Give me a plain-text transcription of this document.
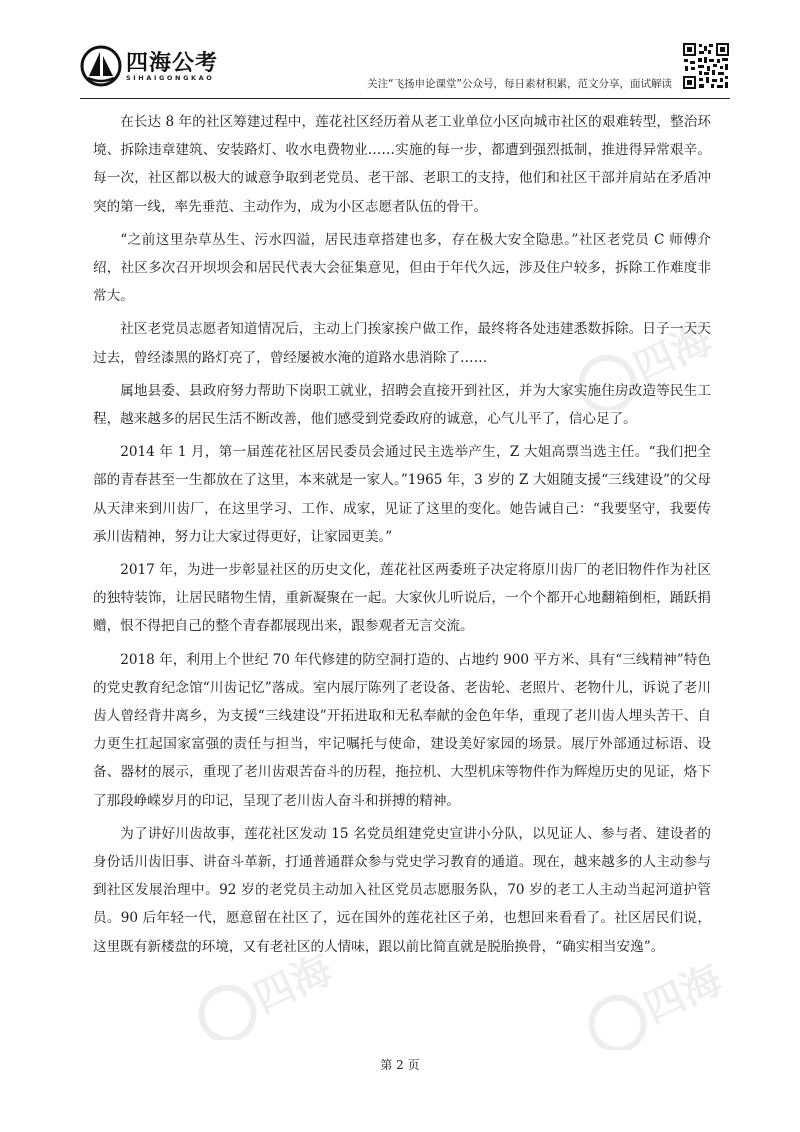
四海
四海	四海
四海公考
SIHAIGONGKAO	关注“飞扬申论课堂”公众号，每日素材积累，范文分享，面试解读

在长达 8 年的社区筹建过程中，莲花社区经历着从老工业单位小区向城市社区的艰难转型，整治环境、拆除违章建筑、安装路灯、收水电费物业……实施的每一步，都遭到强烈抵制，推进得异常艰辛。每一次，社区都以极大的诚意争取到老党员、老干部、老职工的支持，他们和社区干部并肩站在矛盾冲突的第一线，率先垂范、主动作为，成为小区志愿者队伍的骨干。

“之前这里杂草丛生、污水四溢，居民违章搭建也多，存在极大安全隐患。”社区老党员 C 师傅介绍，社区多次召开坝坝会和居民代表大会征集意见，但由于年代久远，涉及住户较多，拆除工作难度非常大。

社区老党员志愿者知道情况后，主动上门挨家挨户做工作，最终将各处违建悉数拆除。日子一天天过去，曾经漆黑的路灯亮了，曾经屡被水淹的道路水患消除了……

属地县委、县政府努力帮助下岗职工就业，招聘会直接开到社区，并为大家实施住房改造等民生工程，越来越多的居民生活不断改善，他们感受到党委政府的诚意，心气儿平了，信心足了。

2014 年 1 月，第一届莲花社区居民委员会通过民主选举产生，Z 大姐高票当选主任。“我们把全部的青春甚至一生都放在了这里，本来就是一家人。”1965 年，3 岁的 Z 大姐随支援“三线建设”的父母从天津来到川齿厂，在这里学习、工作、成家，见证了这里的变化。她告诫自己：“我要坚守，我要传承川齿精神，努力让大家过得更好，让家园更美。”

2017 年，为进一步彰显社区的历史文化，莲花社区两委班子决定将原川齿厂的老旧物件作为社区的独特装饰，让居民睹物生情，重新凝聚在一起。大家伙儿听说后，一个个都开心地翻箱倒柜，踊跃捐赠，恨不得把自己的整个青春都展现出来，跟参观者无言交流。

2018 年，利用上个世纪 70 年代修建的防空洞打造的、占地约 900 平方米、具有“三线精神”特色的党史教育纪念馆“川齿记忆”落成。室内展厅陈列了老设备、老齿轮、老照片、老物什儿，诉说了老川齿人曾经背井离乡，为支援“三线建设”开拓进取和无私奉献的金色年华，重现了老川齿人埋头苦干、自力更生扛起国家富强的责任与担当，牢记嘱托与使命，建设美好家园的场景。展厅外部通过标语、设备、器材的展示，重现了老川齿艰苦奋斗的历程，拖拉机、大型机床等物件作为辉煌历史的见证，烙下了那段峥嵘岁月的印记，呈现了老川齿人奋斗和拼搏的精神。

为了讲好川齿故事，莲花社区发动 15 名党员组建党史宣讲小分队，以见证人、参与者、建设者的身份话川齿旧事、讲奋斗革新，打通普通群众参与党史学习教育的通道。现在，越来越多的人主动参与到社区发展治理中。92 岁的老党员主动加入社区党员志愿服务队，70 岁的老工人主动当起河道护管员。90 后年轻一代，愿意留在社区了，远在国外的莲花社区子弟，也想回来看看了。社区居民们说，这里既有新楼盘的环境，又有老社区的人情味，跟以前比简直就是脱胎换骨，“确实相当安逸”。

第 2 页
